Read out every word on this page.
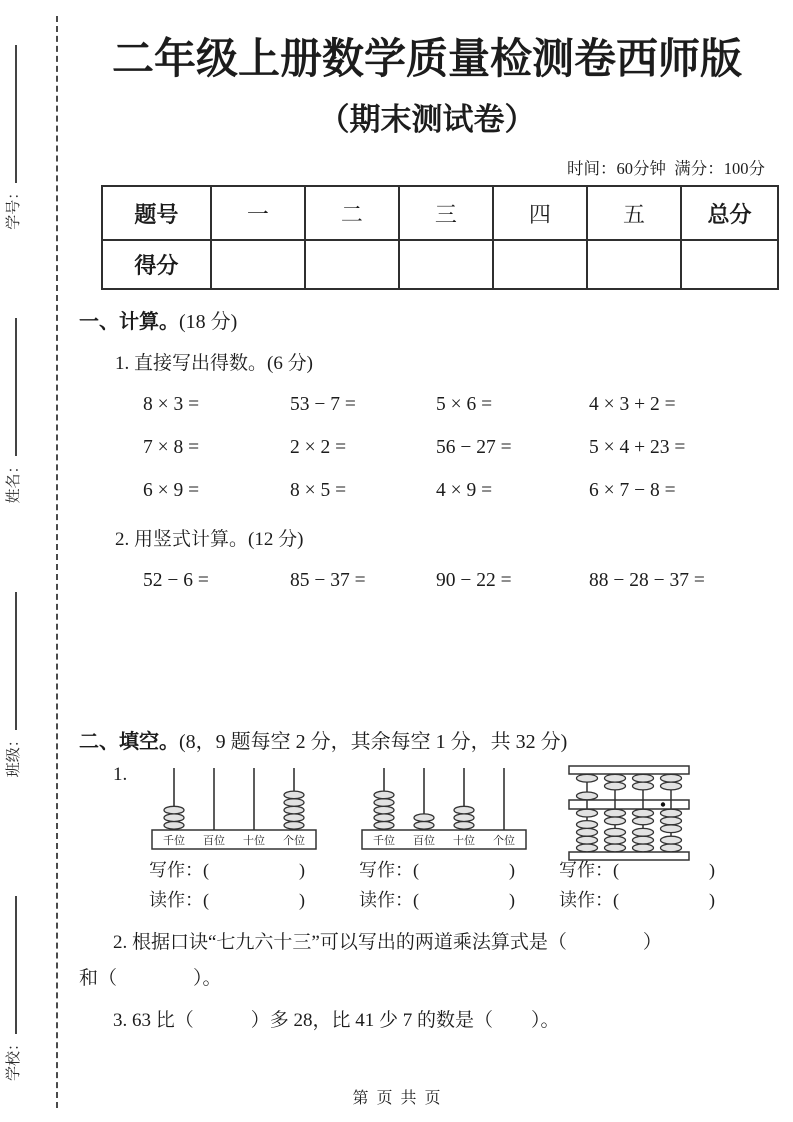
学校： 班级： 姓名： 学号：
二年级上册数学质量检测卷西师版
（期末测试卷）
时间：60分钟  满分：100分
题号	一	二	三	四	五	总分
得分						
一、计算。(18 分)
1. 直接写出得数。(6 分)
8 × 3 =	53 − 7 =	5 × 6 =	4 × 3 + 2 =
7 × 8 =	2 × 2 =	56 − 27 =	5 × 4 + 23 =
6 × 9 =	8 × 5 =	4 × 9 =	6 × 7 − 8 =
2. 用竖式计算。(12 分)
52 − 6 =	85 − 37 =	90 − 22 =	88 − 28 − 37 =
二、填空。(8，9 题每空 2 分，其余每空 1 分，共 32 分)
1.
千位 百位 十位 个位
写作：(　　　　　)
读作：(　　　　　)
千位 百位 十位 个位
写作：(　　　　　)
读作：(　　　　　)
写作：(　　　　　)
读作：(　　　　　)
2. 根据口诀“七九六十三”可以写出的两道乘法算式是（　　　　）
和（　　　　）。
3. 63 比（　　　）多 28，比 41 少 7 的数是（　　）。
第  页  共  页
